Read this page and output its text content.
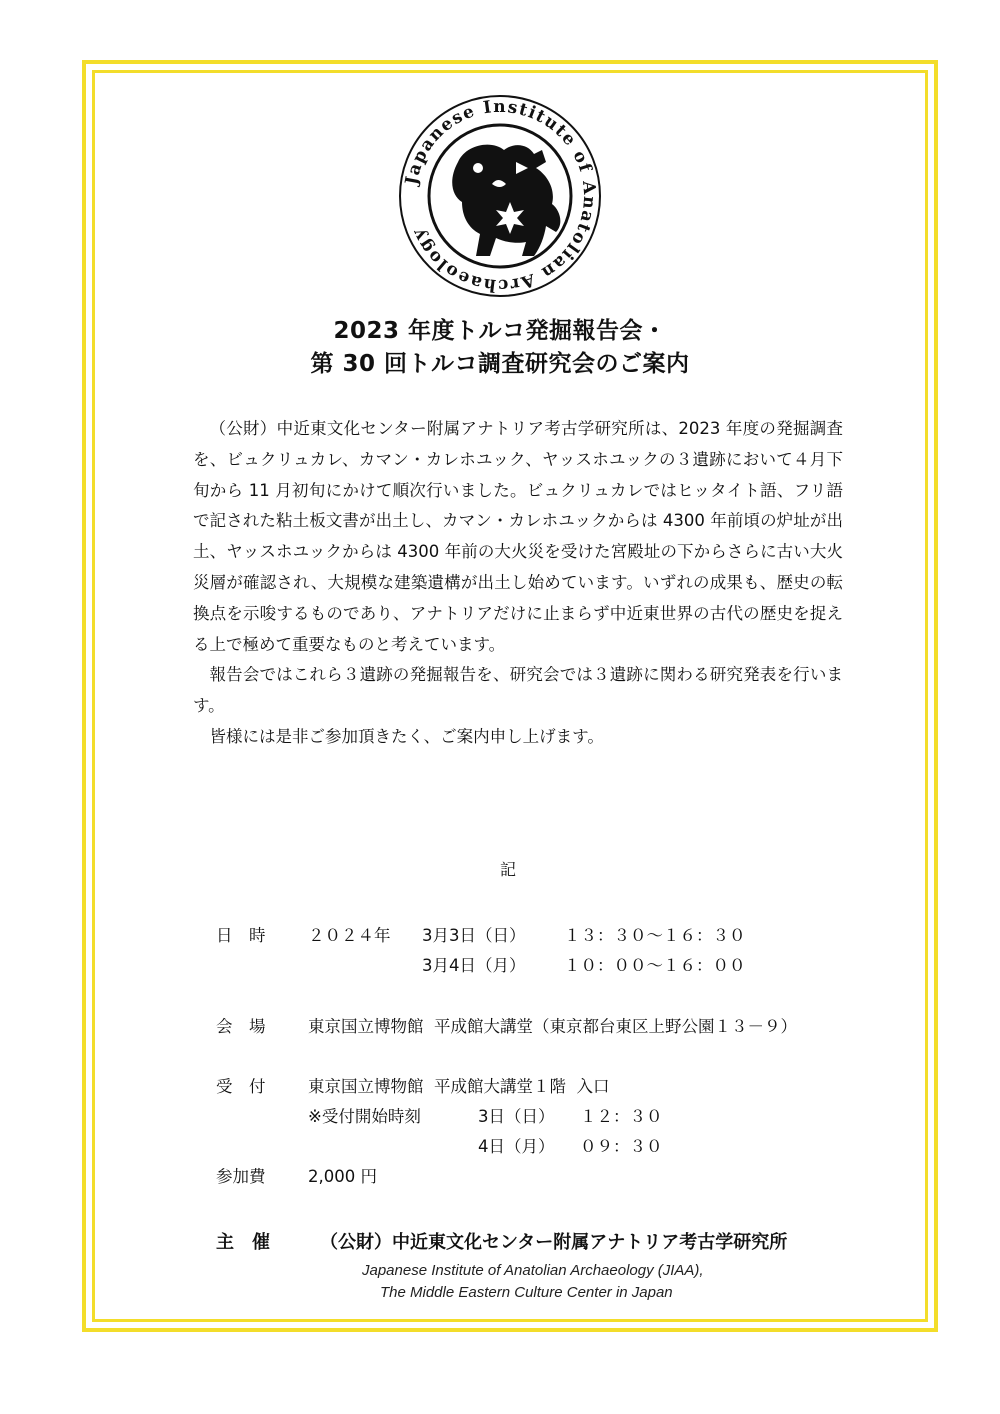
Japanese Institute of Anatolian Archaeology
2023 年度トルコ発掘報告会・
第 30 回トルコ調査研究会のご案内

（公財）中近東文化センター附属アナトリア考古学研究所は、2023 年度の発掘調査を、ビュクリュカレ、カマン・カレホユック、ヤッスホユックの３遺跡において４月下旬から 11 月初旬にかけて順次行いました。ビュクリュカレではヒッタイト語、フリ語で記された粘土板文書が出土し、カマン・カレホユックからは 4300 年前頃の炉址が出土、ヤッスホユックからは 4300 年前の大火災を受けた宮殿址の下からさらに古い大火災層が確認され、大規模な建築遺構が出土し始めています。いずれの成果も、歴史の転換点を示唆するものであり、アナトリアだけに止まらず中近東世界の古代の歴史を捉える上で極めて重要なものと考えています。

報告会ではこれら３遺跡の発掘報告を、研究会では３遺跡に関わる研究発表を行います。

皆様には是非ご参加頂きたく、ご案内申し上げます。

記
日　時	２０２４年 3月3日（日） １３：３０〜１６：３０
3月4日（月） １０：００〜１６：００
会　場	東京国立博物館  平成館大講堂（東京都台東区上野公園１３－９）
受　付	東京国立博物館  平成館大講堂１階  入口
※受付開始時刻	3日（日） １２：３０
4日（月） ０９：３０
参加費	2,000 円
主　催	（公財）中近東文化センター附属アナトリア考古学研究所
Japanese Institute of Anatolian Archaeology (JIAA),
The Middle Eastern Culture Center in Japan
